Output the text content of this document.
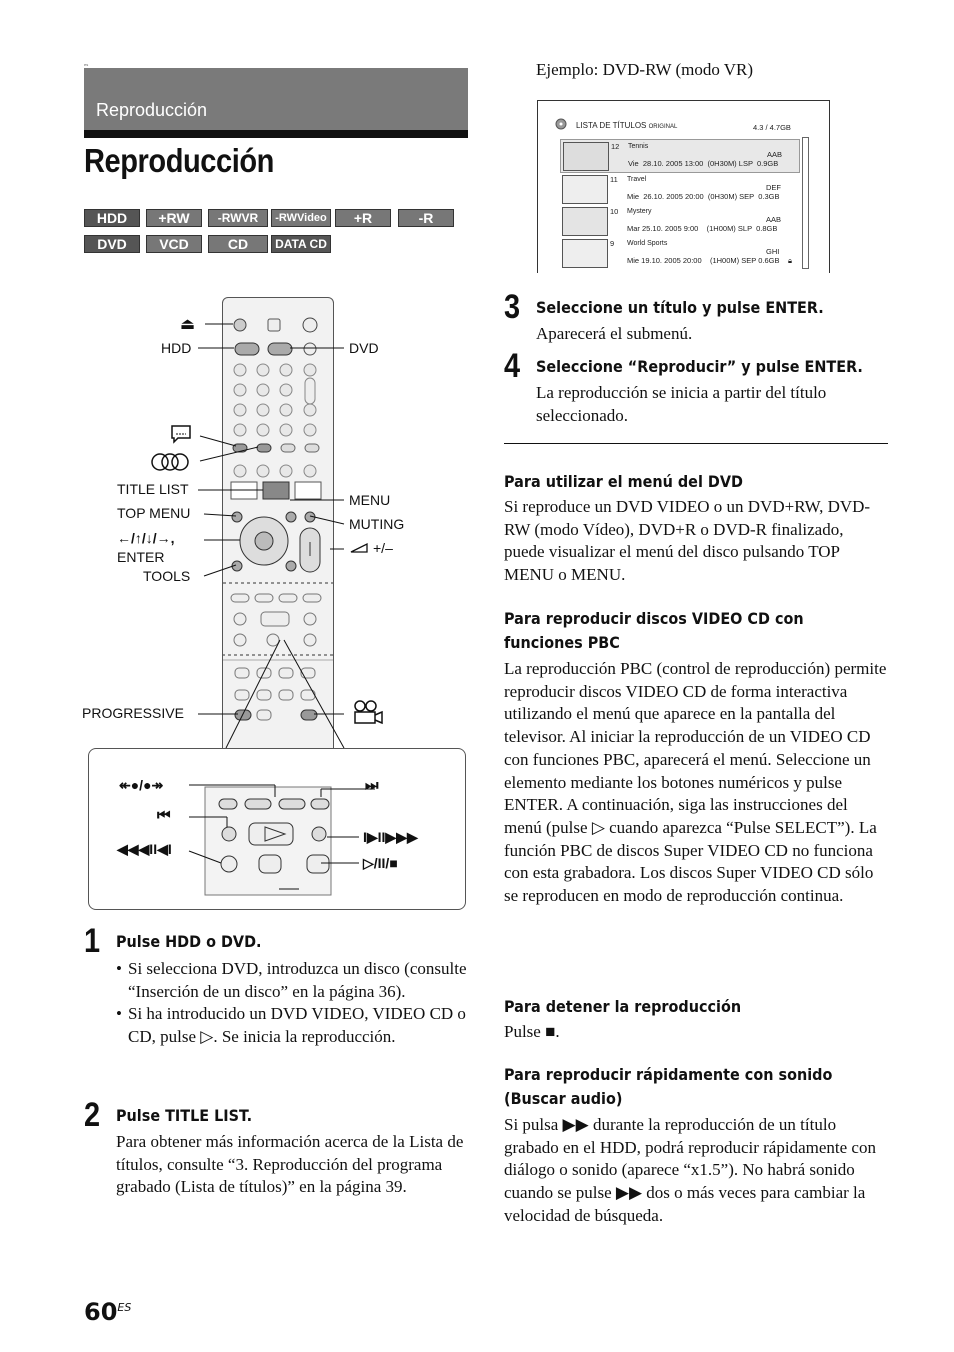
es
Reproducción
Reproducción
HDD	+RW	-RWVR	-RWVideo	+R	-R
DVD	VCD	CD	DATA CD
⏏
HDD	DVD
TITLE LIST
TOP MENU
←/↑/↓/→,
ENTER
TOOLS
MENU
MUTING
+/–
PROGRESSIVE
↞●/●↠
⏮
◀◀◀II◀I
⏭
I▶II▶▶▶
▷/II/■
1 Pulse HDD o DVD.
• Si selecciona DVD, introduzca un disco (consulte “Inserción de un disco” en la página 36).
• Si ha introducido un DVD VIDEO, VIDEO CD o CD, pulse ▷. Se inicia la reproducción.
2 Pulse TITLE LIST.
Para obtener más información acerca de la Lista de títulos, consulte “3. Reproducción del programa grabado (Lista de títulos)” en la página 39.
Ejemplo: DVD-RW (modo VR)
LISTA DE TÍTULOS ORIGINAL	4.3 / 4.7GB
12 Tennis
AAB
Vie  28.10. 2005 13:00  (0H30M) LSP  0.9GB
11 Travel
DEF
Mie  26.10. 2005 20:00  (0H30M) SEP  0.3GB
10 Mystery
AAB
Mar 25.10. 2005 9:00    (1H00M) SLP  0.8GB
9 World Sports
GHI
Mie 19.10. 2005 20:00    (1H00M) SEP 0.6GB 🔒︎
3 Seleccione un título y pulse ENTER.
Aparecerá el submenú.
4 Seleccione “Reproducir” y pulse ENTER.
La reproducción se inicia a partir del título seleccionado.
Para utilizar el menú del DVD
Si reproduce un DVD VIDEO o un DVD+RW, DVD-RW (modo Vídeo), DVD+R o DVD-R finalizado, puede visualizar el menú del disco pulsando TOP MENU o MENU.
Para reproducir discos VIDEO CD con funciones PBC
La reproducción PBC (control de reproducción) permite reproducir discos VIDEO CD de forma interactiva utilizando el menú que aparece en la pantalla del televisor. Al iniciar la reproducción de un VIDEO CD con funciones PBC, aparecerá el menú. Seleccione un elemento mediante los botones numéricos y pulse ENTER. A continuación, siga las instrucciones del menú (pulse ▷ cuando aparezca “Pulse SELECT”). La función PBC de discos Super VIDEO CD no funciona con esta grabadora. Los discos Super VIDEO CD sólo se reproducen en modo de reproducción continua.
Para detener la reproducción
Pulse ■.
Para reproducir rápidamente con sonido (Buscar audio)
Si pulsa ▶▶ durante la reproducción de un título grabado en el HDD, podrá reproducir rápidamente con diálogo o sonido (aparece “x1.5”). No habrá sonido cuando se pulse ▶▶ dos o más veces para cambiar la velocidad de búsqueda.
$60^{ES}$
